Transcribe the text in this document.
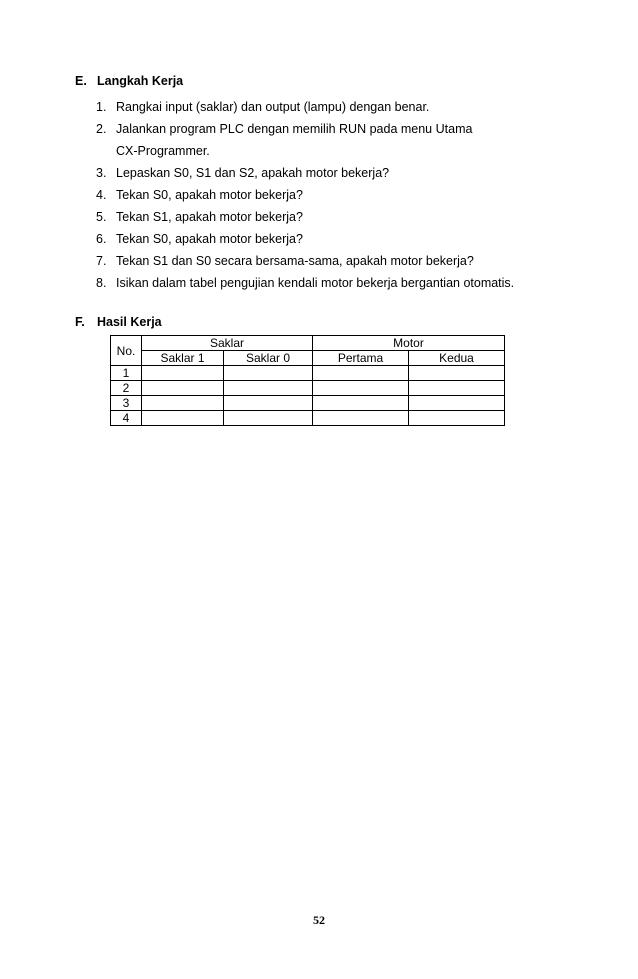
E. Langkah Kerja
1. Rangkai input (saklar) dan output (lampu) dengan benar.
2. Jalankan program PLC dengan memilih RUN pada menu Utama
CX-Programmer.
3. Lepaskan S0, S1 dan S2, apakah motor bekerja?
4. Tekan S0, apakah motor bekerja?
5. Tekan S1, apakah motor bekerja?
6. Tekan S0, apakah motor bekerja?
7. Tekan S1 dan S0 secara bersama-sama, apakah motor bekerja?
8. Isikan dalam tabel pengujian kendali motor bekerja bergantian otomatis.
F. Hasil Kerja
No.	Saklar		Motor	
	Saklar 1	Saklar 0	Pertama	Kedua
1				
2				
3				
4				
52
